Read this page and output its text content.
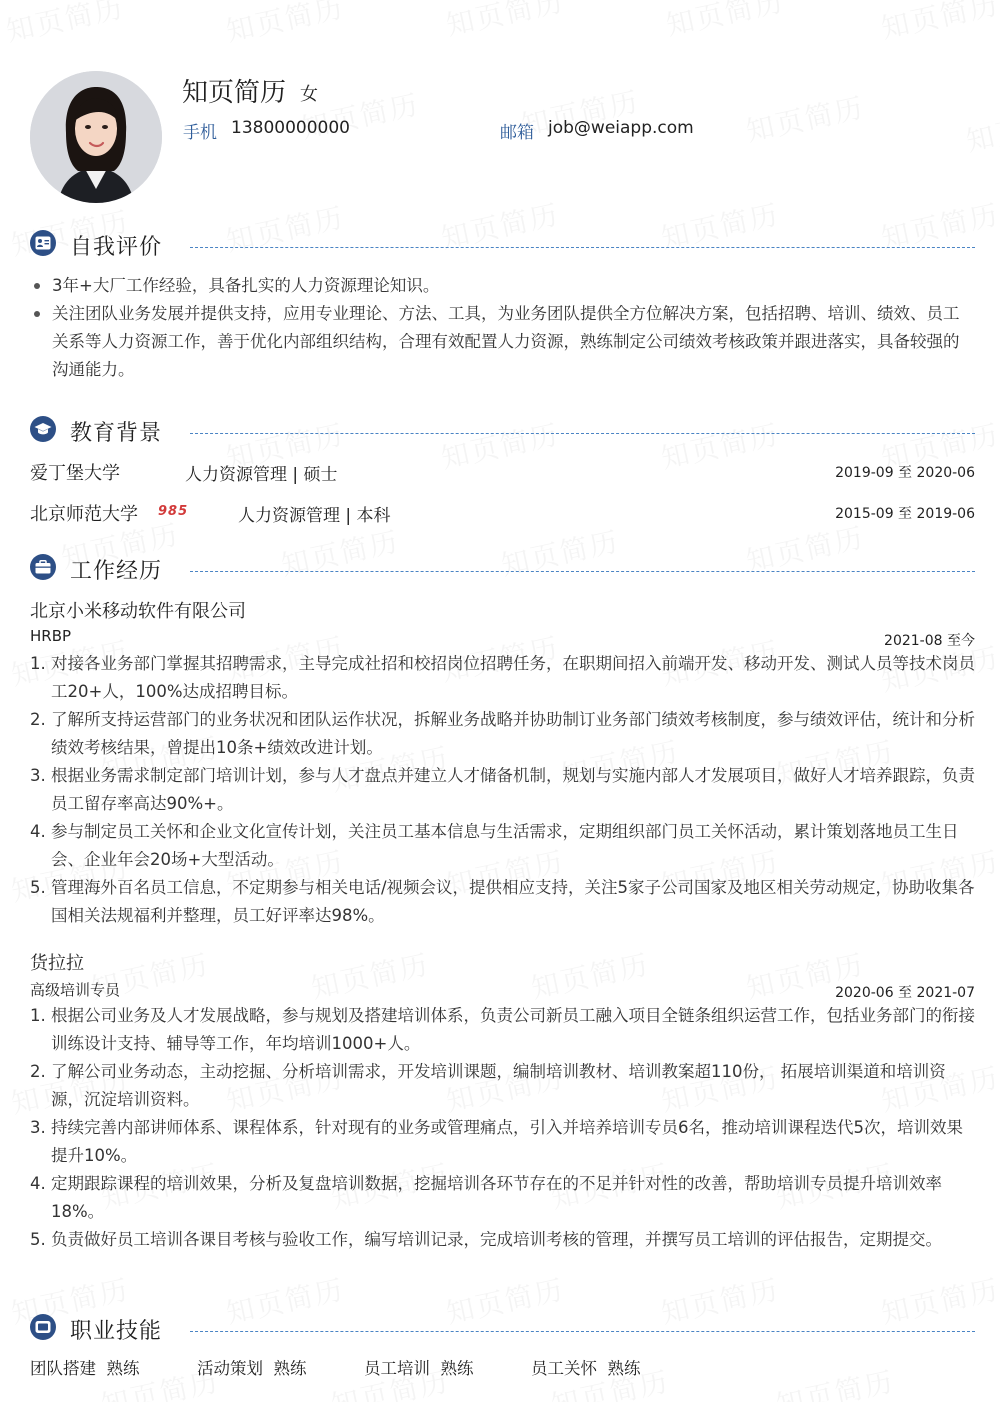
知页简历 女
手机 13800000000	邮箱 job@weiapp.com
自我评价
3年+大厂工作经验，具备扎实的人力资源理论知识。
关注团队业务发展并提供支持，应用专业理论、方法、工具，为业务团队提供全方位解决方案，包括招聘、培训、绩效、员工关系等人力资源工作，善于优化内部组织结构，合理有效配置人力资源，熟练制定公司绩效考核政策并跟进落实，具备较强的沟通能力。
教育背景
爱丁堡大学	人力资源管理 | 硕士	2019-09 至 2020-06
北京师范大学 985	人力资源管理 | 本科	2015-09 至 2019-06
工作经历
北京小米移动软件有限公司
HRBP	2021-08 至今
1. 对接各业务部门掌握其招聘需求，主导完成社招和校招岗位招聘任务，在职期间招入前端开发、移动开发、测试人员等技术岗员工20+人，100%达成招聘目标。
2. 了解所支持运营部门的业务状况和团队运作状况，拆解业务战略并协助制订业务部门绩效考核制度，参与绩效评估，统计和分析绩效考核结果，曾提出10条+绩效改进计划。
3. 根据业务需求制定部门培训计划，参与人才盘点并建立人才储备机制，规划与实施内部人才发展项目，做好人才培养跟踪，负责员工留存率高达90%+。
4. 参与制定员工关怀和企业文化宣传计划，关注员工基本信息与生活需求，定期组织部门员工关怀活动，累计策划落地员工生日会、企业年会20场+大型活动。
5. 管理海外百名员工信息，不定期参与相关电话/视频会议，提供相应支持，关注5家子公司国家及地区相关劳动规定，协助收集各国相关法规福利并整理，员工好评率达98%。
货拉拉
高级培训专员	2020-06 至 2021-07
1. 根据公司业务及人才发展战略，参与规划及搭建培训体系，负责公司新员工融入项目全链条组织运营工作，包括业务部门的衔接训练设计支持、辅导等工作，年均培训1000+人。
2. 了解公司业务动态，主动挖掘、分析培训需求，开发培训课题，编制培训教材、培训教案超110份， 拓展培训渠道和培训资源，沉淀培训资料。
3. 持续完善内部讲师体系、课程体系，针对现有的业务或管理痛点，引入并培养培训专员6名，推动培训课程迭代5次，培训效果提升10%。
4. 定期跟踪课程的培训效果，分析及复盘培训数据，挖掘培训各环节存在的不足并针对性的改善，帮助培训专员提升培训效率18%。
5. 负责做好员工培训各课目考核与验收工作，编写培训记录，完成培训考核的管理，并撰写员工培训的评估报告，定期提交。
职业技能
团队搭建 熟练	活动策划 熟练	员工培训 熟练	员工关怀 熟练
